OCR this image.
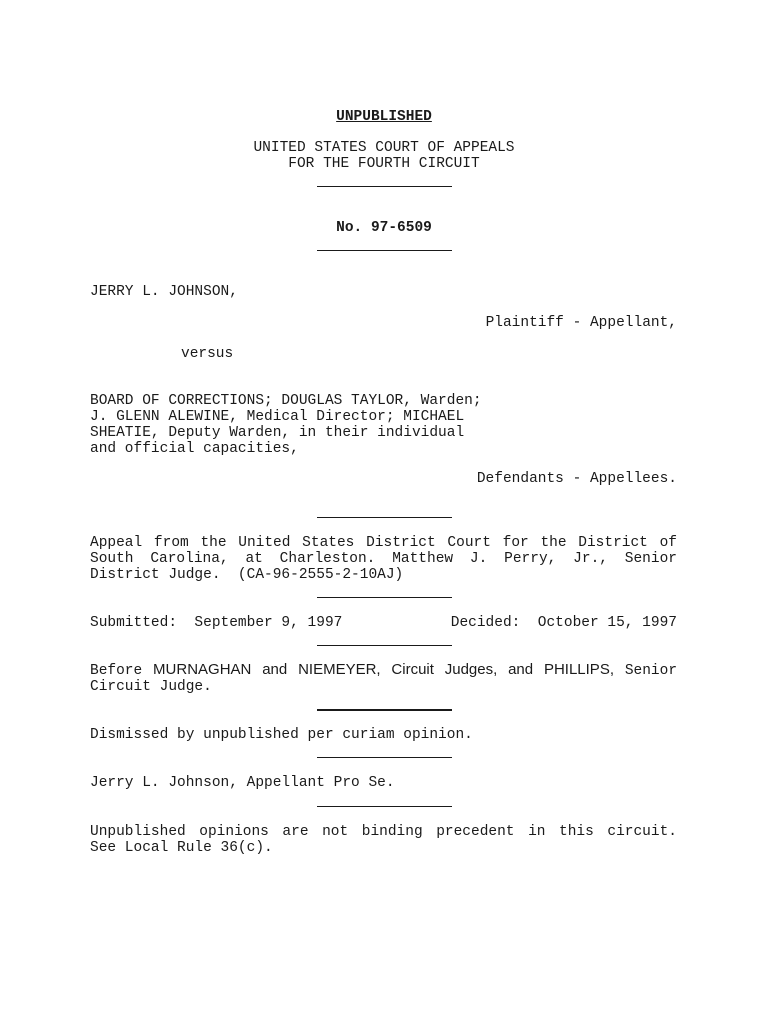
UNPUBLISHED
UNITED STATES COURT OF APPEALS
FOR THE FOURTH CIRCUIT
No. 97-6509
JERRY L. JOHNSON,
Plaintiff - Appellant,
versus
BOARD OF CORRECTIONS; DOUGLAS TAYLOR, Warden;
J. GLENN ALEWINE, Medical Director; MICHAEL
SHEATIE, Deputy Warden, in their individual
and official capacities,
Defendants - Appellees.
Appeal from the United States District Court for the District of
South Carolina, at Charleston. Matthew J. Perry, Jr., Senior
District Judge.  (CA-96-2555-2-10AJ)
Submitted:  September 9, 1997	Decided:  October 15, 1997
Before MURNAGHAN and NIEMEYER, Circuit Judges, and PHILLIPS, Senior
Circuit Judge.
Dismissed by unpublished per curiam opinion.
Jerry L. Johnson, Appellant Pro Se.
Unpublished opinions are not binding precedent in this circuit.
See Local Rule 36(c).
